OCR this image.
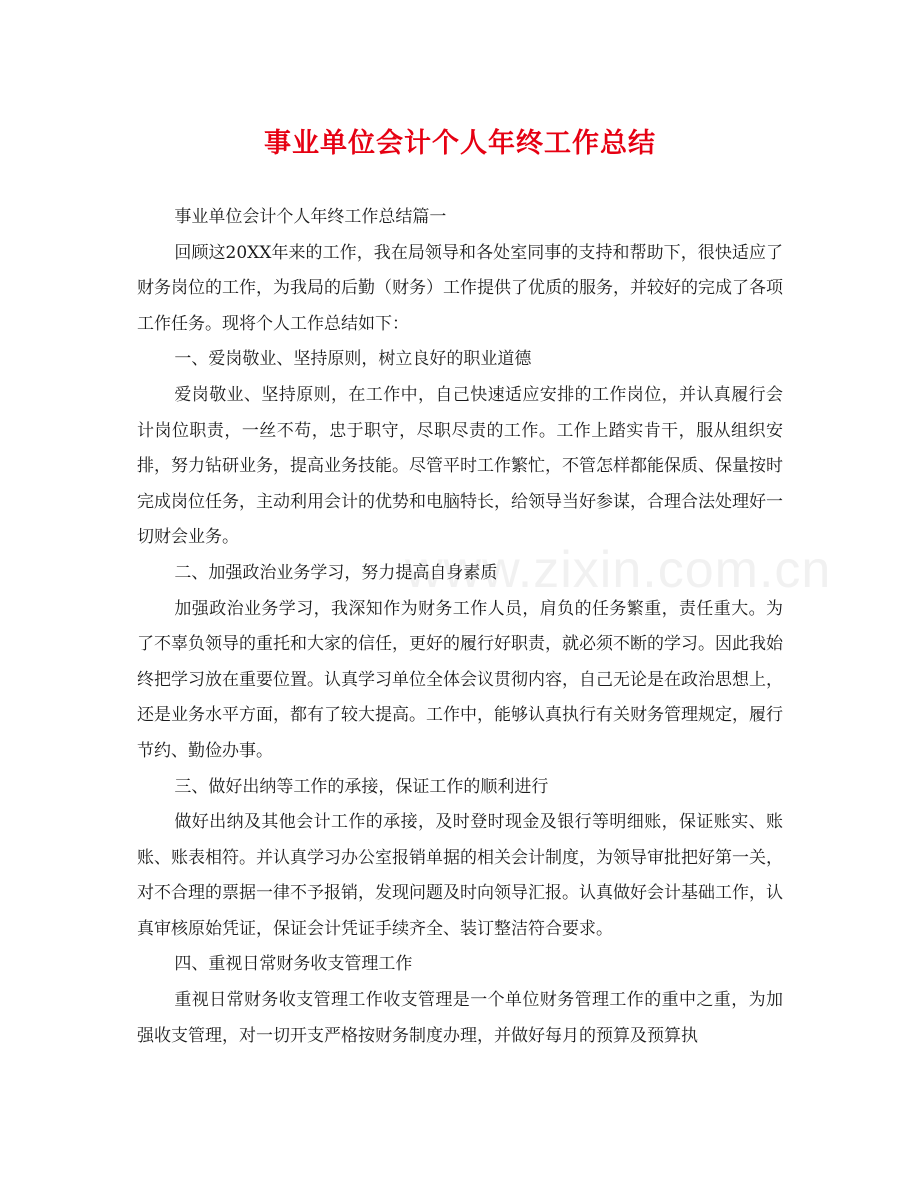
事业单位会计个人年终工作总结
www.zixin.com.cn

事业单位会计个人年终工作总结篇一

回顾这20XX年来的工作，我在局领导和各处室同事的支持和帮助下，很快适应了财务岗位的工作，为我局的后勤（财务）工作提供了优质的服务，并较好的完成了各项工作任务。现将个人工作总结如下：

一、爱岗敬业、坚持原则，树立良好的职业道德

爱岗敬业、坚持原则，在工作中，自己快速适应安排的工作岗位，并认真履行会计岗位职责，一丝不苟，忠于职守，尽职尽责的工作。工作上踏实肯干，服从组织安排，努力钻研业务，提高业务技能。尽管平时工作繁忙，不管怎样都能保质、保量按时完成岗位任务，主动利用会计的优势和电脑特长，给领导当好参谋，合理合法处理好一切财会业务。

二、加强政治业务学习，努力提高自身素质

加强政治业务学习，我深知作为财务工作人员，肩负的任务繁重，责任重大。为了不辜负领导的重托和大家的信任，更好的履行好职责，就必须不断的学习。因此我始终把学习放在重要位置。认真学习单位全体会议贯彻内容，自己无论是在政治思想上，还是业务水平方面，都有了较大提高。工作中，能够认真执行有关财务管理规定，履行节约、勤俭办事。

三、做好出纳等工作的承接，保证工作的顺利进行

做好出纳及其他会计工作的承接，及时登时现金及银行等明细账，保证账实、账账、账表相符。并认真学习办公室报销单据的相关会计制度，为领导审批把好第一关，对不合理的票据一律不予报销，发现问题及时向领导汇报。认真做好会计基础工作，认真审核原始凭证，保证会计凭证手续齐全、装订整洁符合要求。

四、重视日常财务收支管理工作

重视日常财务收支管理工作收支管理是一个单位财务管理工作的重中之重，为加强收支管理，对一切开支严格按财务制度办理，并做好每月的预算及预算执
